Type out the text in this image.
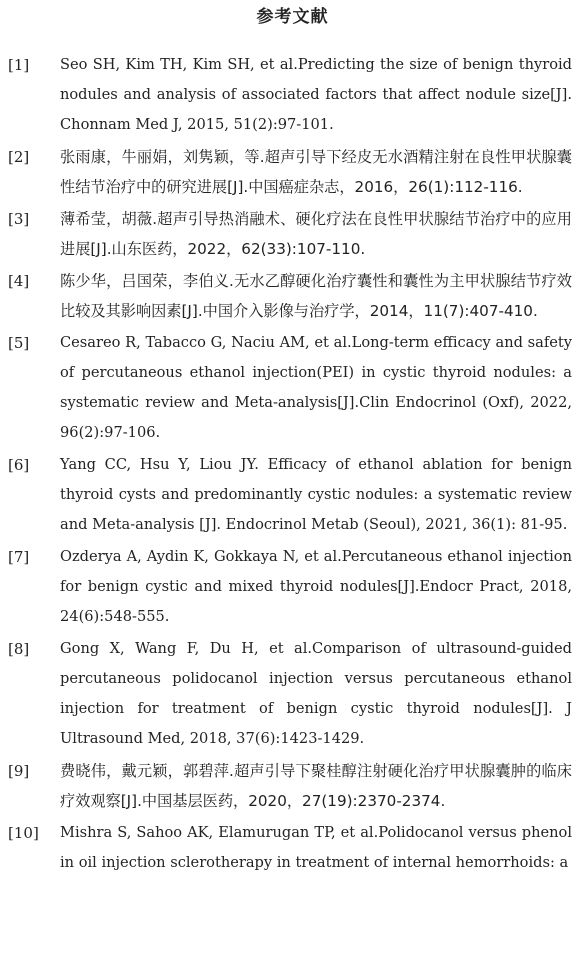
参考文献
[1] Seo SH, Kim TH, Kim SH, et al.Predicting the size of benign thyroid nodules and analysis of associated factors that affect nodule size[J]. Chonnam Med J, 2015, 51(2):97-101.
[2] 张雨康，牛丽娟，刘隽颖，等.超声引导下经皮无水酒精注射在良性甲状腺囊性结节治疗中的研究进展[J].中国癌症杂志，2016，26(1):112-116.
[3] 薄希莹，胡薇.超声引导热消融术、硬化疗法在良性甲状腺结节治疗中的应用进展[J].山东医药，2022，62(33):107-110.
[4] 陈少华，吕国荣，李伯义.无水乙醇硬化治疗囊性和囊性为主甲状腺结节疗效比较及其影响因素[J].中国介入影像与治疗学，2014，11(7):407-410.
[5] Cesareo R, Tabacco G, Naciu AM, et al.Long-term efficacy and safety of percutaneous ethanol injection(PEI) in cystic thyroid nodules: a systematic review and Meta-analysis[J].Clin Endocrinol (Oxf), 2022, 96(2):97-106.
[6] Yang CC, Hsu Y, Liou JY. Efficacy of ethanol ablation for benign thyroid cysts and predominantly cystic nodules: a systematic review and Meta-analysis [J]. Endocrinol Metab (Seoul), 2021, 36(1): 81-95.
[7] Ozderya A, Aydin K, Gokkaya N, et al.Percutaneous ethanol injection for benign cystic and mixed thyroid nodules[J].Endocr Pract, 2018, 24(6):548-555.
[8] Gong X, Wang F, Du H, et al.Comparison of ultrasound-guided percutaneous polidocanol injection versus percutaneous ethanol injection for treatment of benign cystic thyroid nodules[J]. J Ultrasound Med, 2018, 37(6):1423-1429.
[9] 费晓伟，戴元颖，郭碧萍.超声引导下聚桂醇注射硬化治疗甲状腺囊肿的临床疗效观察[J].中国基层医药，2020，27(19):2370-2374.
[10] Mishra S, Sahoo AK, Elamurugan TP, et al.Polidocanol versus phenol in oil injection sclerotherapy in treatment of internal hemorrhoids: a
